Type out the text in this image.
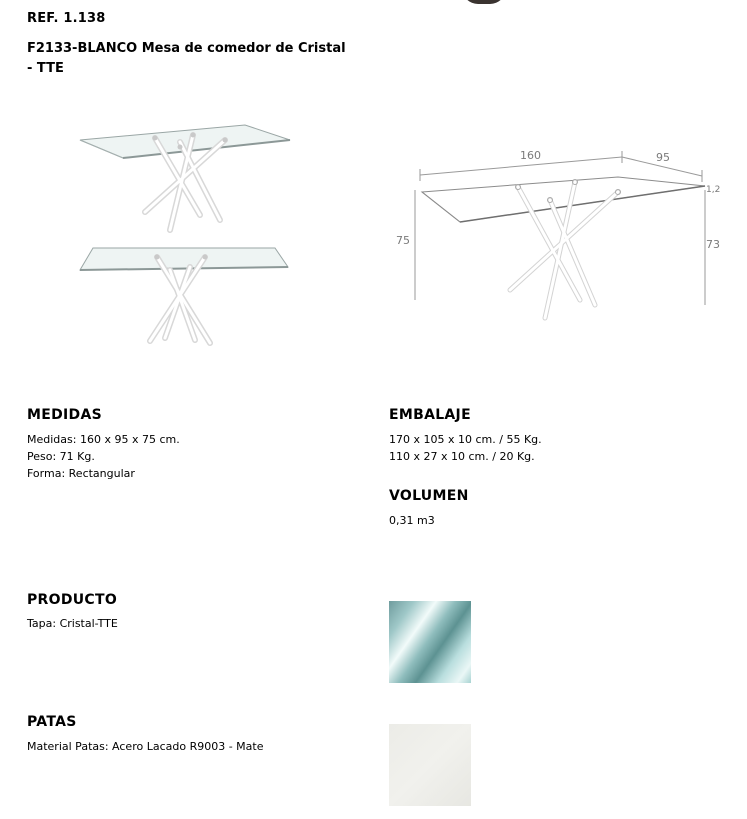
REF. 1.138
F2133-BLANCO Mesa de comedor de Cristal - TTE
160	95
1,2
75	73
MEDIDAS
Medidas: 160 x 95 x 75 cm.
Peso: 71 Kg.
Forma: Rectangular
EMBALAJE
170 x 105 x 10 cm. / 55 Kg.
110 x 27 x 10 cm. / 20 Kg.
VOLUMEN
0,31 m3
PRODUCTO
Tapa: Cristal-TTE
PATAS
Material Patas: Acero Lacado R9003 - Mate
